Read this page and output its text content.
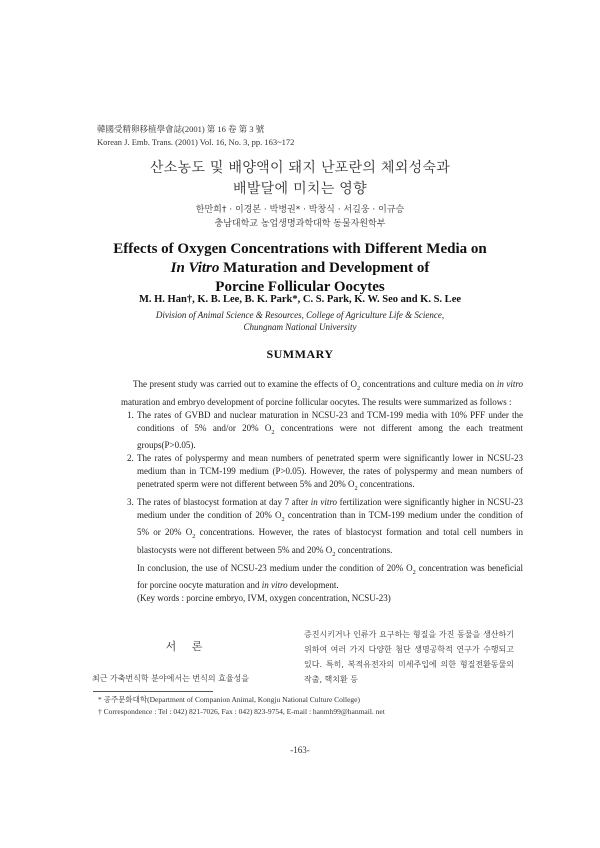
韓國受精卵移植學會誌(2001) 第 16 卷 第 3 號
Korean J. Emb. Trans. (2001) Vol. 16, No. 3, pp. 163~172
산소농도 및 배양액이 돼지 난포란의 체외성숙과
배발달에 미치는 영향
한만희† · 이경본 · 박병권* · 박창식 · 서길웅 · 이규승
충남대학교 농업생명과학대학 동물자원학부
Effects of Oxygen Concentrations with Different Media on
In Vitro Maturation and Development of
Porcine Follicular Oocytes
M. H. Han†, K. B. Lee, B. K. Park*, C. S. Park, K. W. Seo and K. S. Lee
Division of Animal Science & Resources, College of Agriculture Life & Science,
Chungnam National University
SUMMARY

The present study was carried out to examine the effects of $O_2$ concentrations and culture media on in vitro maturation and embryo development of porcine follicular oocytes. The results were summarized as follows :

1. The rates of GVBD and nuclear maturation in NCSU-23 and TCM-199 media with 10% PFF under the conditions of 5% and/or 20% $O_2$ concentrations were not different among the each treatment groups(P>0.05).
2. The rates of polyspermy and mean numbers of penetrated sperm were significantly lower in NCSU-23 medium than in TCM-199 medium (P>0.05). However, the rates of polyspermy and mean numbers of penetrated sperm were not different between 5% and 20% $O_2$ concentrations.
3. The rates of blastocyst formation at day 7 after in vitro fertilization were significantly higher in NCSU-23 medium under the condition of 20% $O_2$ concentration than in TCM-199 medium under the condition of 5% or 20% $O_2$ concentrations. However, the rates of blastocyst formation and total cell numbers in blastocysts were not different between 5% and 20% $O_2$ concentrations.
In conclusion, the use of NCSU-23 medium under the condition of 20% $O_2$ concentration was beneficial for porcine oocyte maturation and in vitro development.
(Key words : porcine embryo, IVM, oxygen concentration, NCSU-23)
서 론
최근 가축번식학 분야에서는 번식의 효율성을
증진시키거나 인류가 요구하는 형질을 가진 동물을 생산하기 위하여 여러 가지 다양한 첨단 생명공학적 연구가 수행되고 있다. 특히, 복적유전자의 미세주입에 의한 형질전환동물의 작출, 핵치환 등
* 공주문화대학(Department of Companion Animal, Kongju National Culture College)
† Correspondence : Tel : 042) 821-7026, Fax : 042) 823-9754, E-mail : hanmh99@hanmail. net
-163-
